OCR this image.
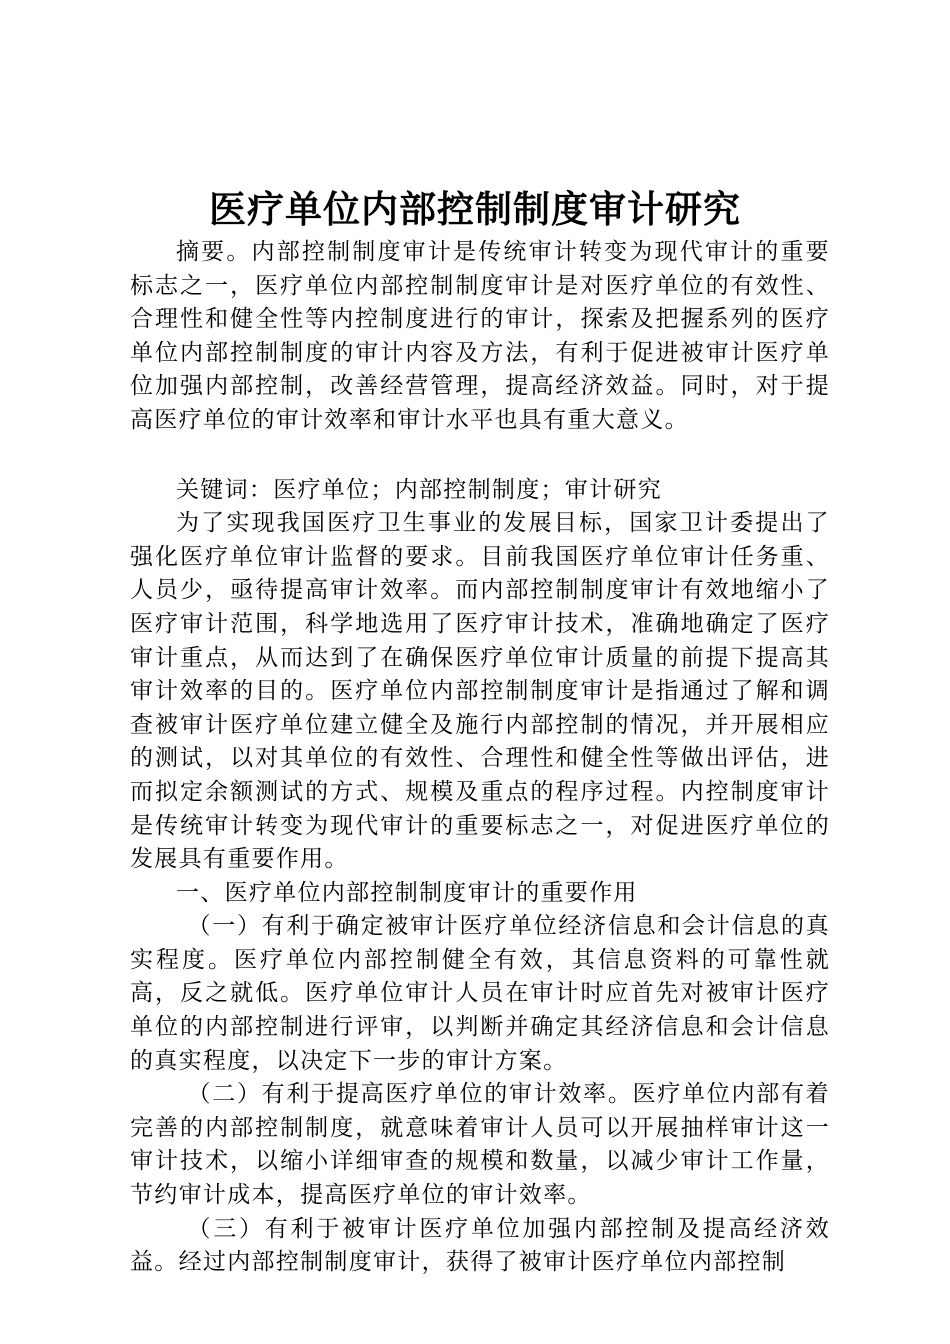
医疗单位内部控制制度审计研究

摘要。内部控制制度审计是传统审计转变为现代审计的重要标志之一，医疗单位内部控制制度审计是对医疗单位的有效性、合理性和健全性等内控制度进行的审计，探索及把握系列的医疗单位内部控制制度的审计内容及方法，有利于促进被审计医疗单位加强内部控制，改善经营管理，提高经济效益。同时，对于提高医疗单位的审计效率和审计水平也具有重大意义。

关键词：医疗单位；内部控制制度；审计研究

为了实现我国医疗卫生事业的发展目标，国家卫计委提出了强化医疗单位审计监督的要求。目前我国医疗单位审计任务重、人员少，亟待提高审计效率。而内部控制制度审计有效地缩小了医疗审计范围，科学地选用了医疗审计技术，准确地确定了医疗审计重点，从而达到了在确保医疗单位审计质量的前提下提高其审计效率的目的。医疗单位内部控制制度审计是指通过了解和调查被审计医疗单位建立健全及施行内部控制的情况，并开展相应的测试，以对其单位的有效性、合理性和健全性等做出评估，进而拟定余额测试的方式、规模及重点的程序过程。内控制度审计是传统审计转变为现代审计的重要标志之一，对促进医疗单位的发展具有重要作用。

一、医疗单位内部控制制度审计的重要作用

（一）有利于确定被审计医疗单位经济信息和会计信息的真实程度。医疗单位内部控制健全有效，其信息资料的可靠性就高，反之就低。医疗单位审计人员在审计时应首先对被审计医疗单位的内部控制进行评审，以判断并确定其经济信息和会计信息的真实程度，以决定下一步的审计方案。

（二）有利于提高医疗单位的审计效率。医疗单位内部有着完善的内部控制制度，就意味着审计人员可以开展抽样审计这一审计技术，以缩小详细审查的规模和数量，以减少审计工作量，节约审计成本，提高医疗单位的审计效率。

（三）有利于被审计医疗单位加强内部控制及提高经济效益。经过内部控制制度审计，获得了被审计医疗单位内部控制
